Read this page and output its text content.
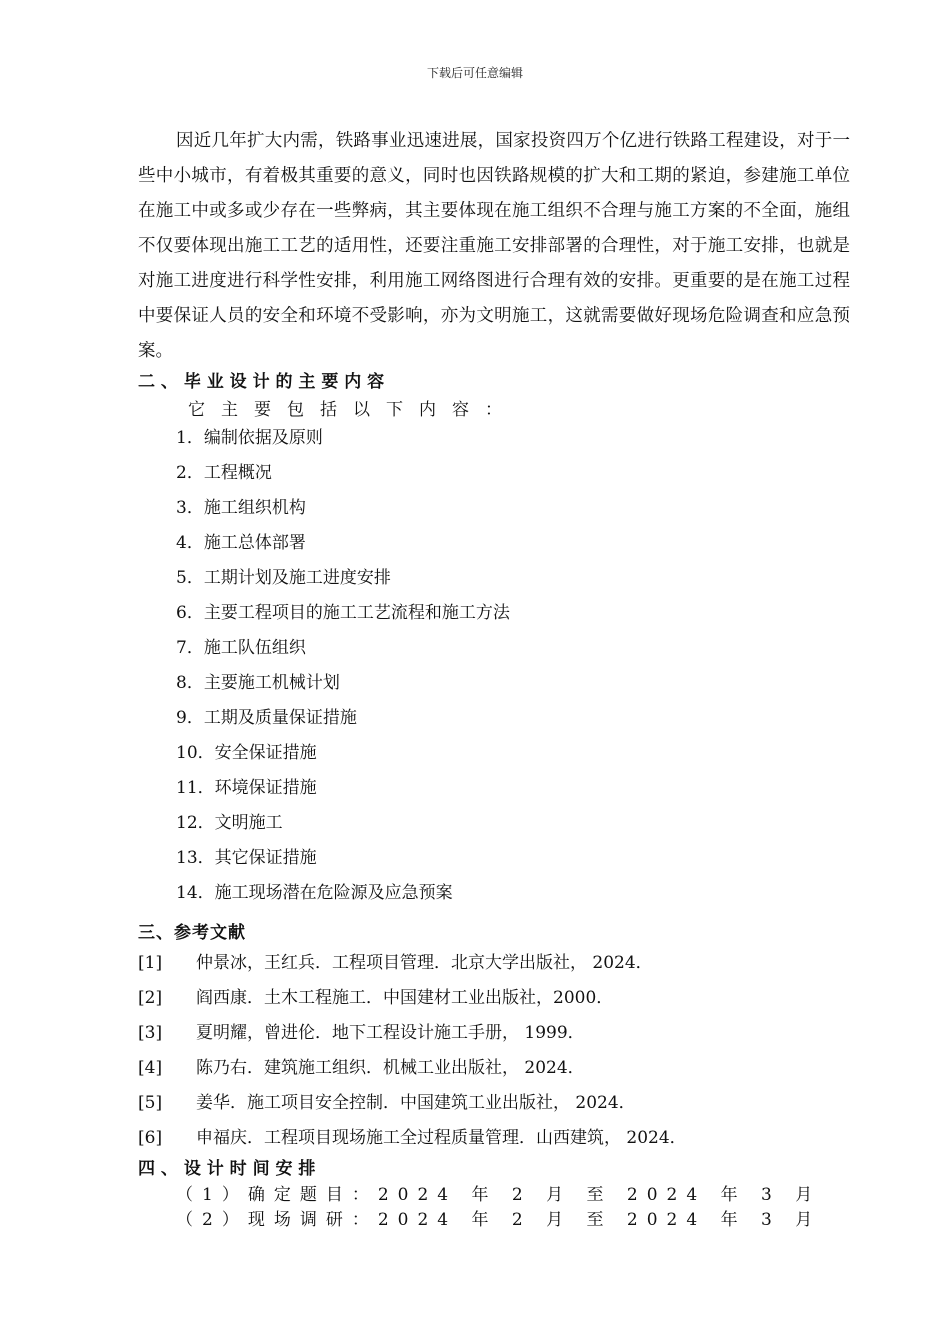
下载后可任意编辑

因近几年扩大内需，铁路事业迅速进展，国家投资四万个亿进行铁路工程建设，对于一些中小城市，有着极其重要的意义，同时也因铁路规模的扩大和工期的紧迫，参建施工单位在施工中或多或少存在一些弊病，其主要体现在施工组织不合理与施工方案的不全面，施组不仅要体现出施工工艺的适用性，还要注重施工安排部署的合理性，对于施工安排，也就是对施工进度进行科学性安排，利用施工网络图进行合理有效的安排。更重要的是在施工过程中要保证人员的安全和环境不受影响，亦为文明施工，这就需要做好现场危险调查和应急预案。

二 、 毕 业 设 计 的 主 要 内 容
它主要包括以下内容：
1．编制依据及原则
2．工程概况
3．施工组织机构
4．施工总体部署
5．工期计划及施工进度安排
6．主要工程项目的施工工艺流程和施工方法
7．施工队伍组织
8．主要施工机械计划
9．工期及质量保证措施
10．安全保证措施
11．环境保证措施
12．文明施工
13．其它保证措施
14．施工现场潜在危险源及应急预案
三、参考文献
[1] 仲景冰，王红兵．工程项目管理．北京大学出版社， 2024．
[2] 阎西康．土木工程施工．中国建材工业出版社，2000．
[3] 夏明耀，曾进伦．地下工程设计施工手册， 1999．
[4] 陈乃右．建筑施工组织．机械工业出版社， 2024．
[5] 姜华．施工项目安全控制．中国建筑工业出版社， 2024．
[6] 申福庆．工程项目现场施工全过程质量管理．山西建筑， 2024．
四 、 设 计 时 间 安 排
（1）确定题目：2024 年 2 月 至 2024 年 3 月
（2）现场调研：2024 年 2 月 至 2024 年 3 月
